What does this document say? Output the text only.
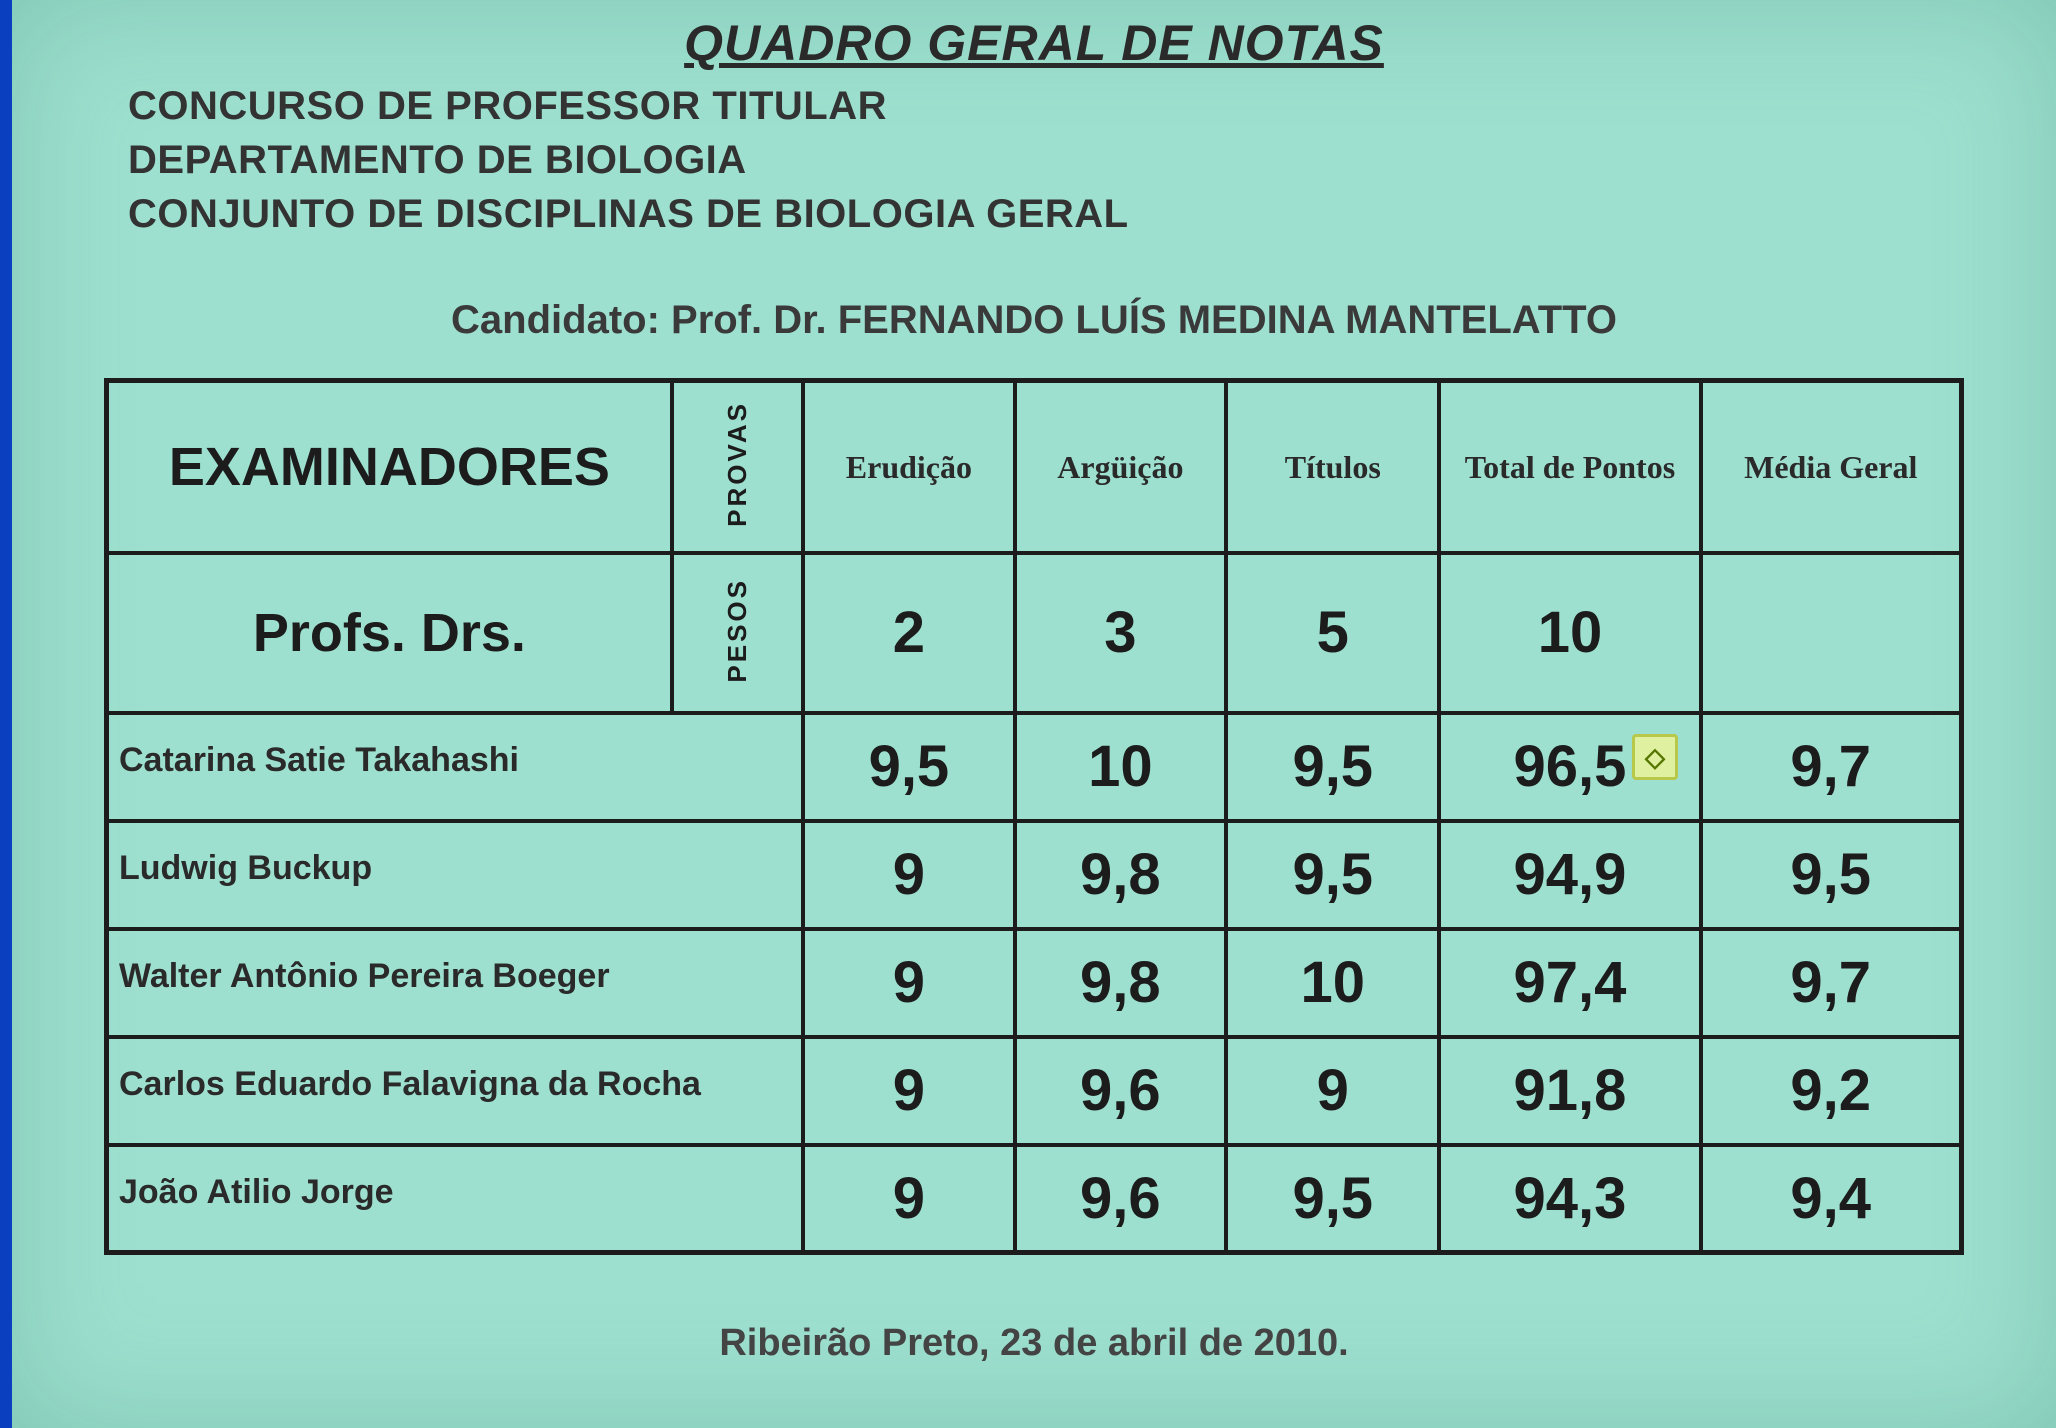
QUADRO GERAL DE NOTAS
CONCURSO DE PROFESSOR TITULAR
DEPARTAMENTO DE BIOLOGIA
CONJUNTO DE DISCIPLINAS DE BIOLOGIA GERAL
Candidato: Prof. Dr. FERNANDO LUÍS MEDINA MANTELATTO
EXAMINADORES	PROVAS	Erudição	Argüição	Títulos	Total de Pontos	Média Geral
Profs. Drs.	PESOS	2	3	5	10	
Catarina Satie Takahashi		9,5	10	9,5	96,5	9,7
Ludwig Buckup		9	9,8	9,5	94,9	9,5
Walter Antônio Pereira Boeger		9	9,8	10	97,4	9,7
Carlos Eduardo Falavigna da Rocha		9	9,6	9	91,8	9,2
João Atilio Jorge		9	9,6	9,5	94,3	9,4
◇
Ribeirão Preto, 23 de abril de 2010.
